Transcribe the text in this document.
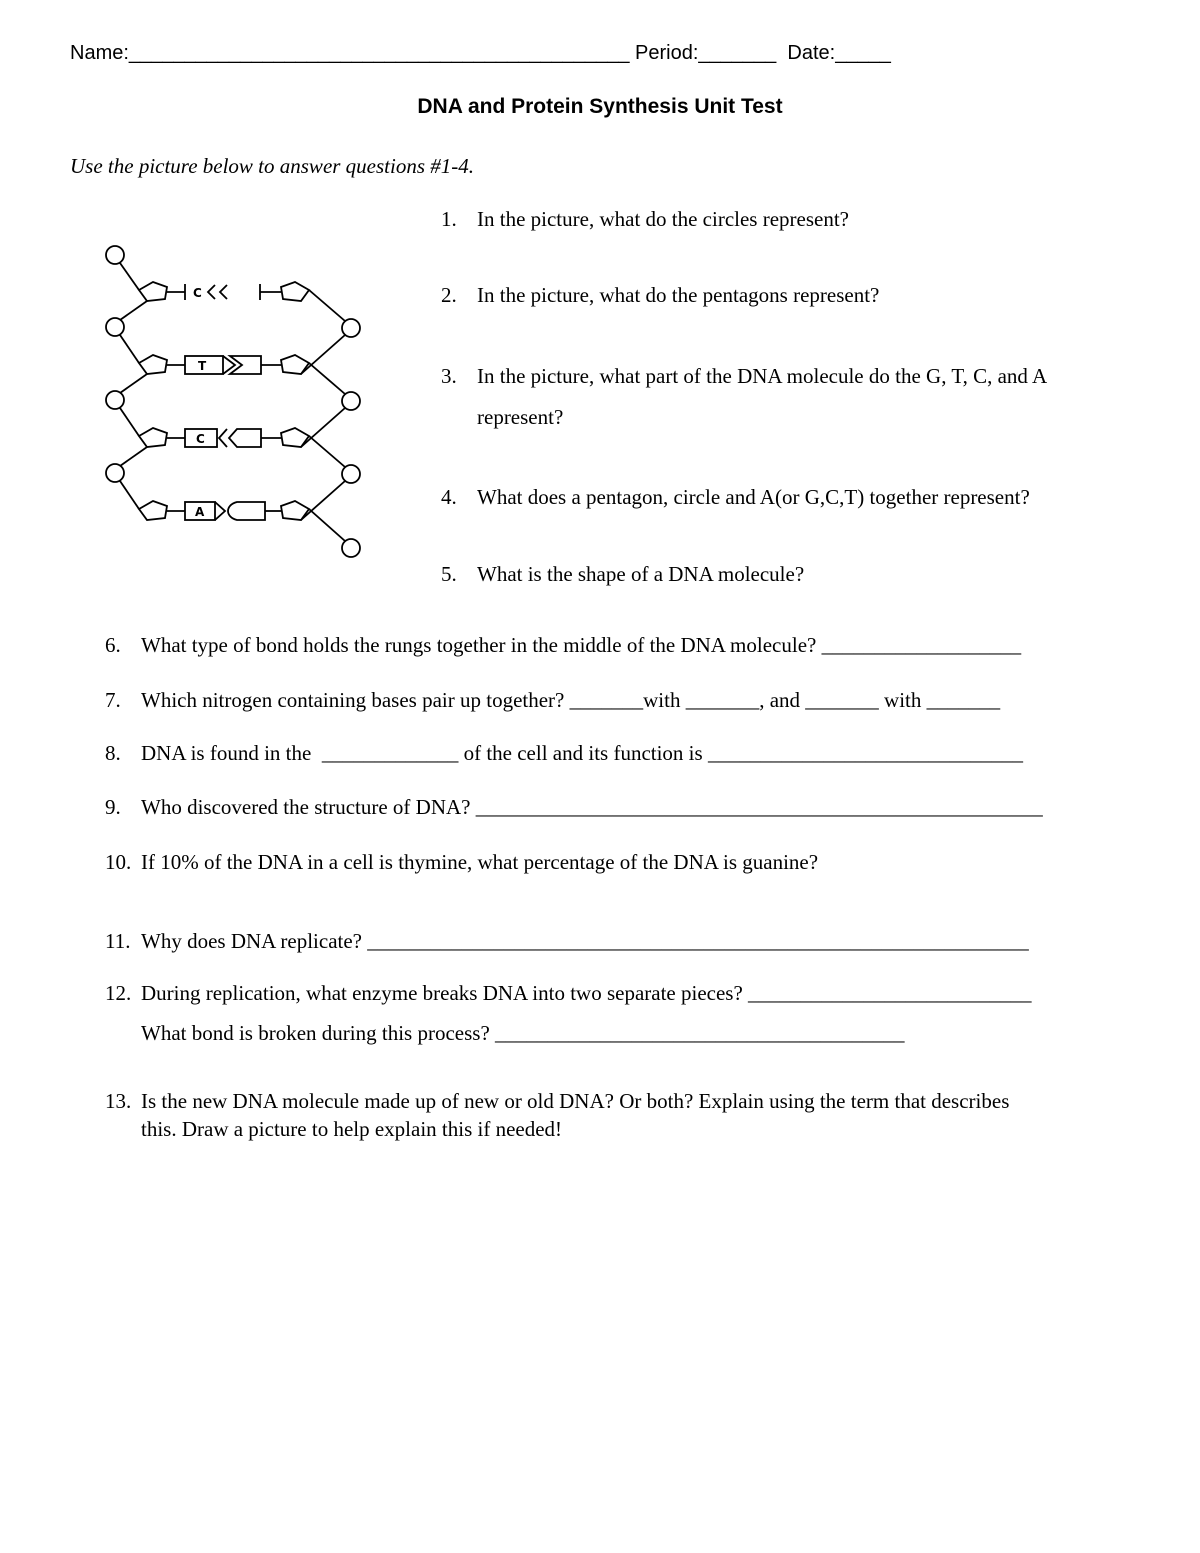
Name:_____________________________________________ Period:_______ Date:_____
DNA and Protein Synthesis Unit Test
Use the picture below to answer questions #1-4.
C
T
C
A
1. In the picture, what do the circles represent?
2. In the picture, what do the pentagons represent?
3. In the picture, what part of the DNA molecule do the G, T, C, and A
represent?
4. What does a pentagon, circle and A(or G,C,T) together represent?
5. What is the shape of a DNA molecule?
6. What type of bond holds the rungs together in the middle of the DNA molecule? ___________________
7. Which nitrogen containing bases pair up together? _______with _______, and _______ with _______
8. DNA is found in the _____________ of the cell and its function is ______________________________
9. Who discovered the structure of DNA? ______________________________________________________
10. If 10% of the DNA in a cell is thymine, what percentage of the DNA is guanine?
11. Why does DNA replicate? _______________________________________________________________
12. During replication, what enzyme breaks DNA into two separate pieces? ___________________________
What bond is broken during this process? _______________________________________
13. Is the new DNA molecule made up of new or old DNA? Or both? Explain using the term that describes
this. Draw a picture to help explain this if needed!
